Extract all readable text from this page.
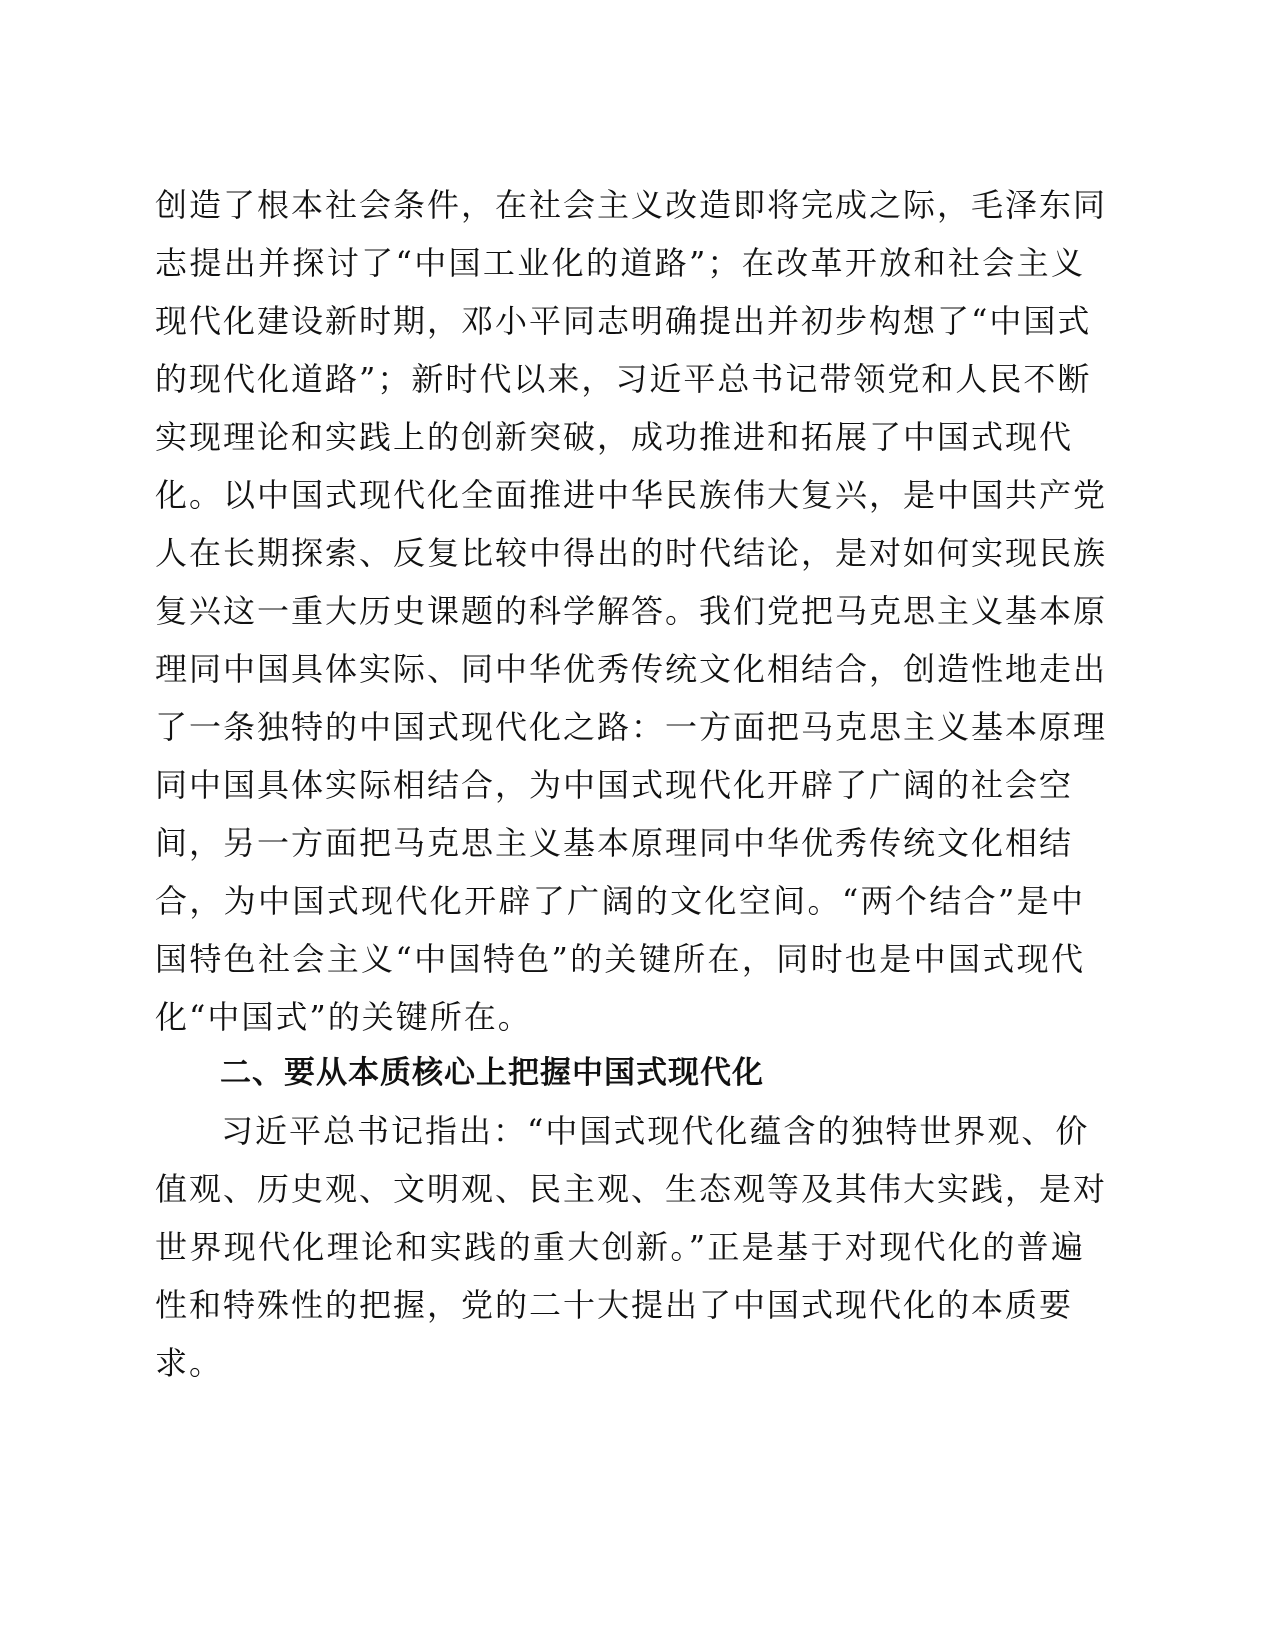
创造了根本社会条件，在社会主义改造即将完成之际，毛泽东同
志提出并探讨了“中国工业化的道路”；在改革开放和社会主义
现代化建设新时期，邓小平同志明确提出并初步构想了“中国式
的现代化道路”；新时代以来，习近平总书记带领党和人民不断
实现理论和实践上的创新突破，成功推进和拓展了中国式现代
化。以中国式现代化全面推进中华民族伟大复兴，是中国共产党
人在长期探索、反复比较中得出的时代结论，是对如何实现民族
复兴这一重大历史课题的科学解答。我们党把马克思主义基本原
理同中国具体实际、同中华优秀传统文化相结合，创造性地走出
了一条独特的中国式现代化之路：一方面把马克思主义基本原理
同中国具体实际相结合，为中国式现代化开辟了广阔的社会空
间，另一方面把马克思主义基本原理同中华优秀传统文化相结
合，为中国式现代化开辟了广阔的文化空间。“两个结合”是中
国特色社会主义“中国特色”的关键所在，同时也是中国式现代
化“中国式”的关键所在。
二、要从本质核心上把握中国式现代化
习近平总书记指出：“中国式现代化蕴含的独特世界观、价
值观、历史观、文明观、民主观、生态观等及其伟大实践，是对
世界现代化理论和实践的重大创新。”正是基于对现代化的普遍
性和特殊性的把握，党的二十大提出了中国式现代化的本质要
求。
